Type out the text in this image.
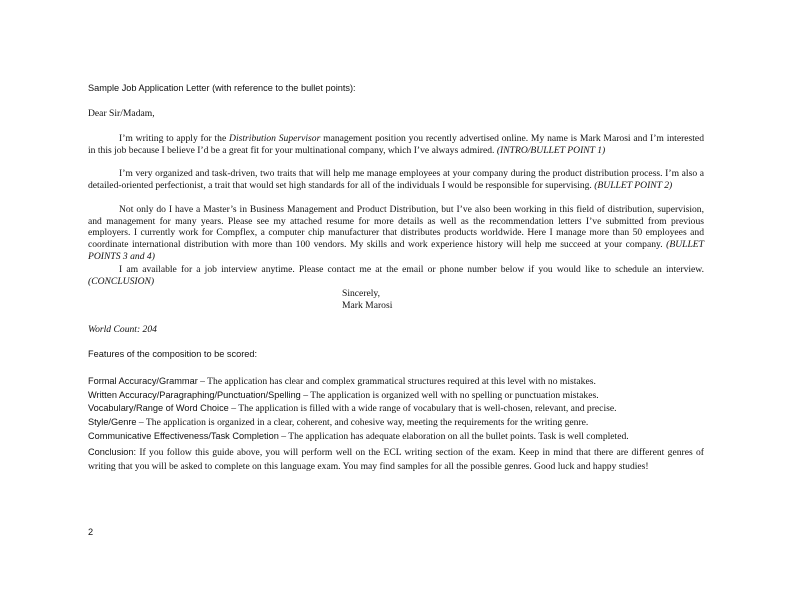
Sample Job Application Letter (with reference to the bullet points):
Dear Sir/Madam,
I’m writing to apply for the Distribution Supervisor management position you recently advertised online. My name is Mark Marosi and I’m interested in this job because I believe I’d be a great fit for your multinational company, which I’ve always admired. (INTRO/BULLET POINT 1)
I’m very organized and task-driven, two traits that will help me manage employees at your company during the product distribution process. I’m also a detailed-oriented perfectionist, a trait that would set high standards for all of the individuals I would be responsible for supervising. (BULLET POINT 2)
Not only do I have a Master’s in Business Management and Product Distribution, but I’ve also been working in this field of distribution, supervision, and management for many years. Please see my attached resume for more details as well as the recommendation letters I’ve submitted from previous employers. I currently work for Compflex, a computer chip manufacturer that distributes products worldwide. Here I manage more than 50 employees and coordinate international distribution with more than 100 vendors. My skills and work experience history will help me succeed at your company. (BULLET POINTS 3 and 4)
I am available for a job interview anytime. Please contact me at the email or phone number below if you would like to schedule an interview. (CONCLUSION)
Sincerely,
Mark Marosi
World Count: 204
Features of the composition to be scored:
Formal Accuracy/Grammar – The application has clear and complex grammatical structures required at this level with no mistakes.
Written Accuracy/Paragraphing/Punctuation/Spelling – The application is organized well with no spelling or punctuation mistakes.
Vocabulary/Range of Word Choice – The application is filled with a wide range of vocabulary that is well-chosen, relevant, and precise.
Style/Genre – The application is organized in a clear, coherent, and cohesive way, meeting the requirements for the writing genre.
Communicative Effectiveness/Task Completion – The application has adequate elaboration on all the bullet points. Task is well completed.
Conclusion: If you follow this guide above, you will perform well on the ECL writing section of the exam. Keep in mind that there are different genres of writing that you will be asked to complete on this language exam. You may find samples for all the possible genres. Good luck and happy studies!
2
